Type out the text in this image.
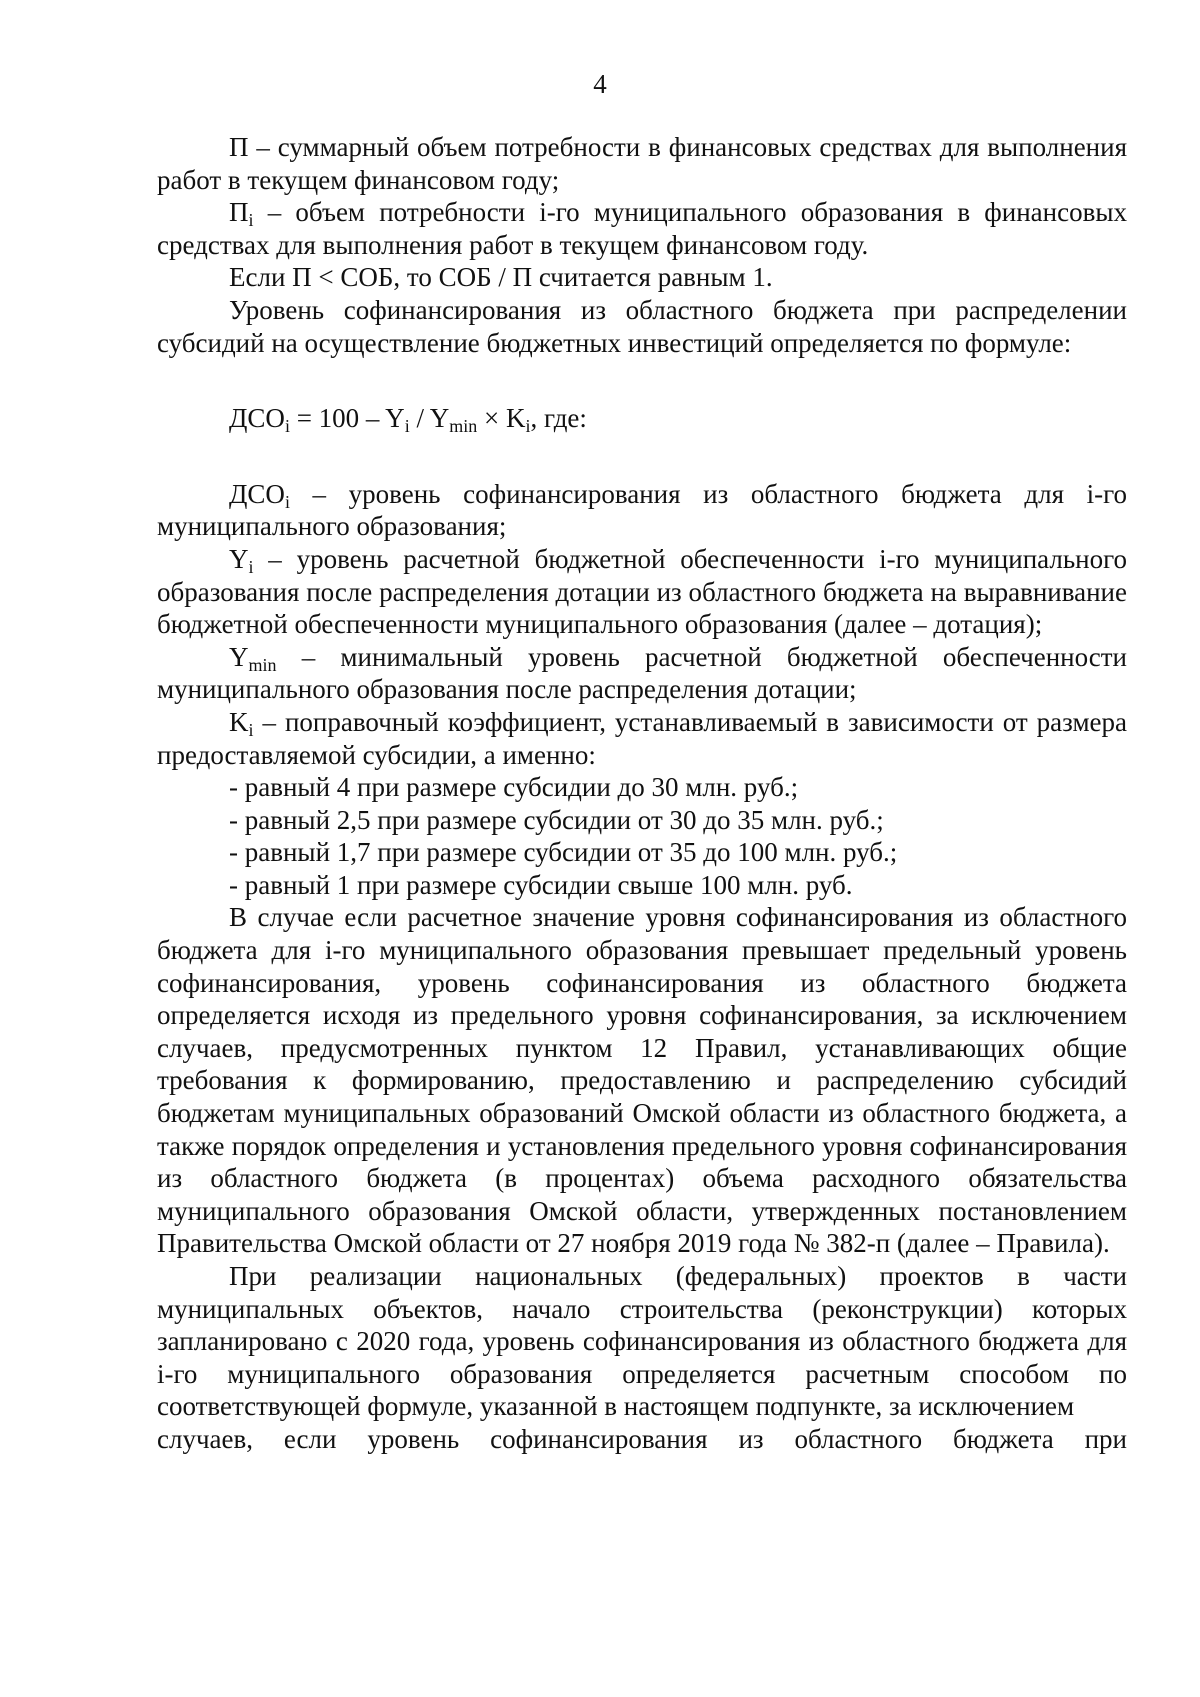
4

П – суммарный объем потребности в финансовых средствах для выполнения работ в текущем финансовом году;

$П_i$ – объем потребности i-го муниципального образования в финансовых средствах для выполнения работ в текущем финансовом году.

Если П < СОБ, то СОБ / П считается равным 1.

Уровень софинансирования из областного бюджета при распределении субсидий на осуществление бюджетных инвестиций определяется по формуле:

$ДСО_i = 100 - Y_i / Y_{min} \times K_i$, где:

$ДСО_i$ – уровень софинансирования из областного бюджета для i-го муниципального образования;

$Y_i$ – уровень расчетной бюджетной обеспеченности i-го муниципального образования после распределения дотации из областного бюджета на выравнивание бюджетной обеспеченности муниципального образования (далее – дотация);

$Y_{min}$ – минимальный уровень расчетной бюджетной обеспеченности муниципального образования после распределения дотации;

$K_i$ – поправочный коэффициент, устанавливаемый в зависимости от размера предоставляемой субсидии, а именно:

- равный 4 при размере субсидии до 30 млн. руб.;

- равный 2,5 при размере субсидии от 30 до 35 млн. руб.;

- равный 1,7 при размере субсидии от 35 до 100 млн. руб.;

- равный 1 при размере субсидии свыше 100 млн. руб.

В случае если расчетное значение уровня софинансирования из областного бюджета для i-го муниципального образования превышает предельный уровень софинансирования, уровень софинансирования из областного бюджета определяется исходя из предельного уровня софинансирования, за исключением случаев, предусмотренных пунктом 12 Правил, устанавливающих общие требования к формированию, предоставлению и распределению субсидий бюджетам муниципальных образований Омской области из областного бюджета, а также порядок определения и установления предельного уровня софинансирования из областного бюджета (в процентах) объема расходного обязательства муниципального образования Омской области, утвержденных постановлением Правительства Омской области от 27 ноября 2019 года № 382-п (далее – Правила).

При реализации национальных (федеральных) проектов в части муниципальных объектов, начало строительства (реконструкции) которых запланировано с 2020 года, уровень софинансирования из областного бюджета для i-го муниципального образования определяется расчетным способом по соответствующей формуле, указанной в настоящем подпункте, за исключением

случаев, если уровень софинансирования из областного бюджета при
